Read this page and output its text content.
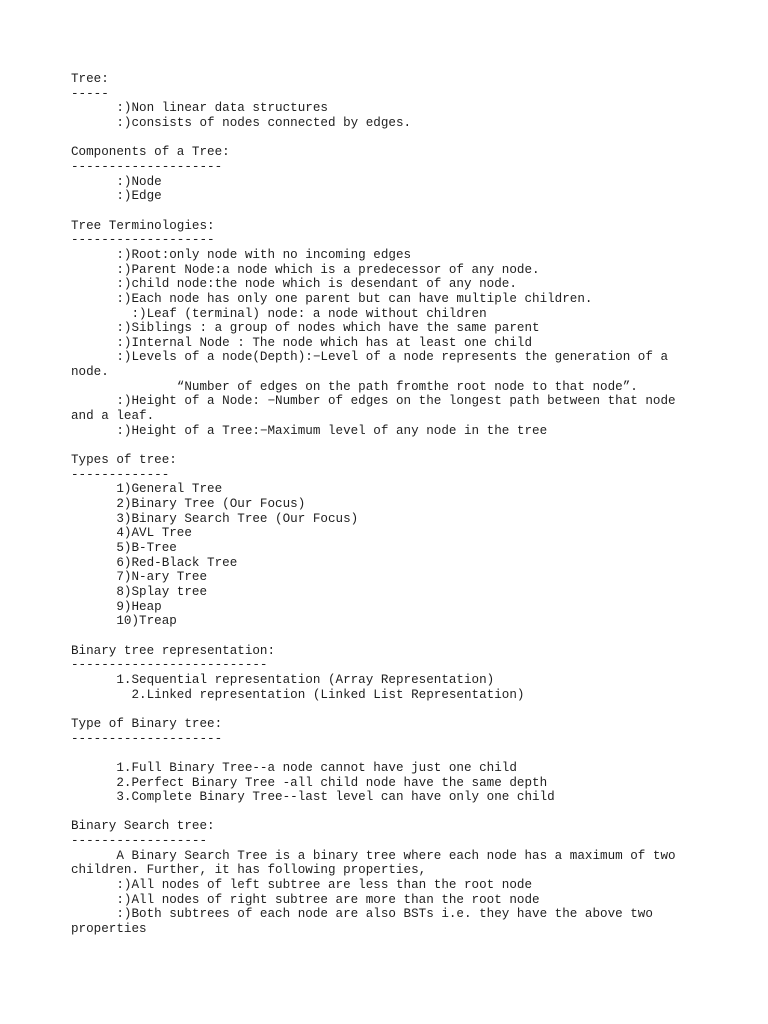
Tree:
-----
:)Non linear data structures
:)consists of nodes connected by edges.
Components of a Tree:
--------------------
:)Node
:)Edge
Tree Terminologies:
-------------------
:)Root:only node with no incoming edges
:)Parent Node:a node which is a predecessor of any node.
:)child node:the node which is desendant of any node.
:)Each node has only one parent but can have multiple children.
:)Leaf (terminal) node: a node without children
:)Siblings : a group of nodes which have the same parent
:)Internal Node : The node which has at least one child
:)Levels of a node(Depth):−Level of a node represents the generation of a
node.
“Number of edges on the path fromthe root node to that node”.
:)Height of a Node: −Number of edges on the longest path between that node
and a leaf.
:)Height of a Tree:−Maximum level of any node in the tree
Types of tree:
-------------
1)General Tree
2)Binary Tree (Our Focus)
3)Binary Search Tree (Our Focus)
4)AVL Tree
5)B-Tree
6)Red-Black Tree
7)N-ary Tree
8)Splay tree
9)Heap
10)Treap
Binary tree representation:
--------------------------
1.Sequential representation (Array Representation)
2.Linked representation (Linked List Representation)
Type of Binary tree:
--------------------
1.Full Binary Tree--a node cannot have just one child
2.Perfect Binary Tree -all child node have the same depth
3.Complete Binary Tree--last level can have only one child
Binary Search tree:
------------------
A Binary Search Tree is a binary tree where each node has a maximum of two
children. Further, it has following properties,
:)All nodes of left subtree are less than the root node
:)All nodes of right subtree are more than the root node
:)Both subtrees of each node are also BSTs i.e. they have the above two
properties
